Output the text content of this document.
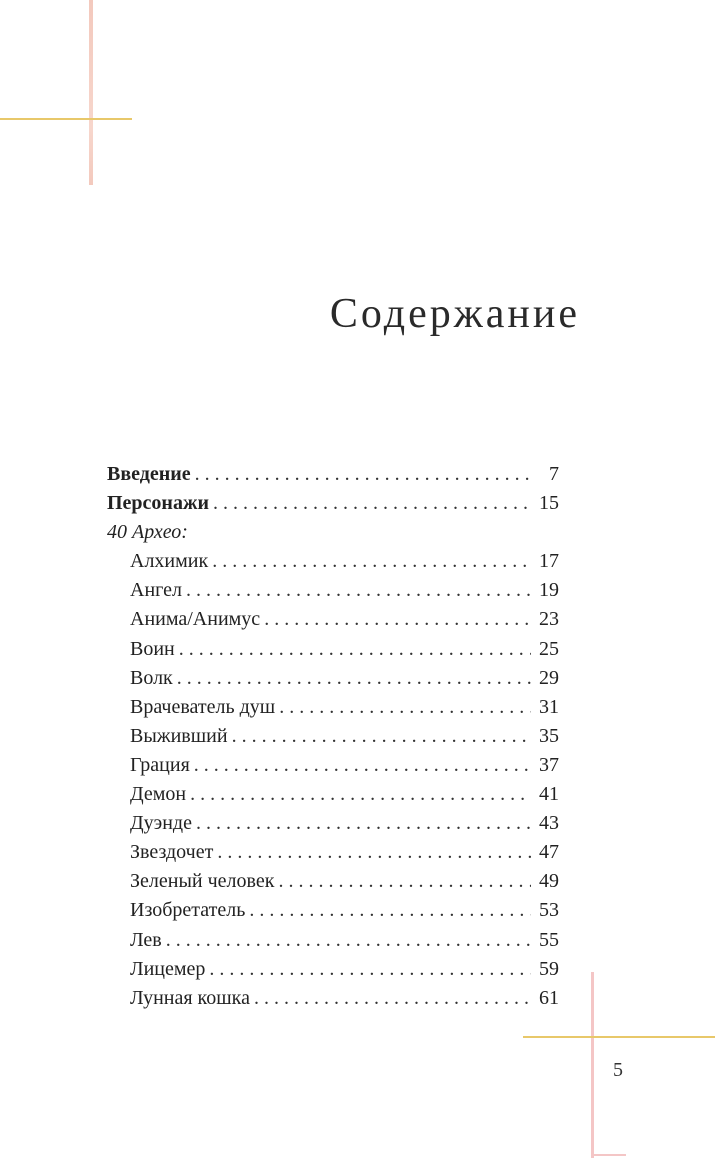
Содержание
Введение . . .	7
Персонажи . . .	15
40 Архео:
Алхимик . . .	17
Ангел . . .	19
Анима/Анимус . . .	23
Воин . . .	25
Волк . . .	29
Врачеватель душ . . .	31
Выживший . . .	35
Грация . . .	37
Демон . . .	41
Дуэнде . . .	43
Звездочет . . .	47
Зеленый человек . . .	49
Изобретатель . . .	53
Лев . . .	55
Лицемер . . .	59
Лунная кошка . . .	61
5
